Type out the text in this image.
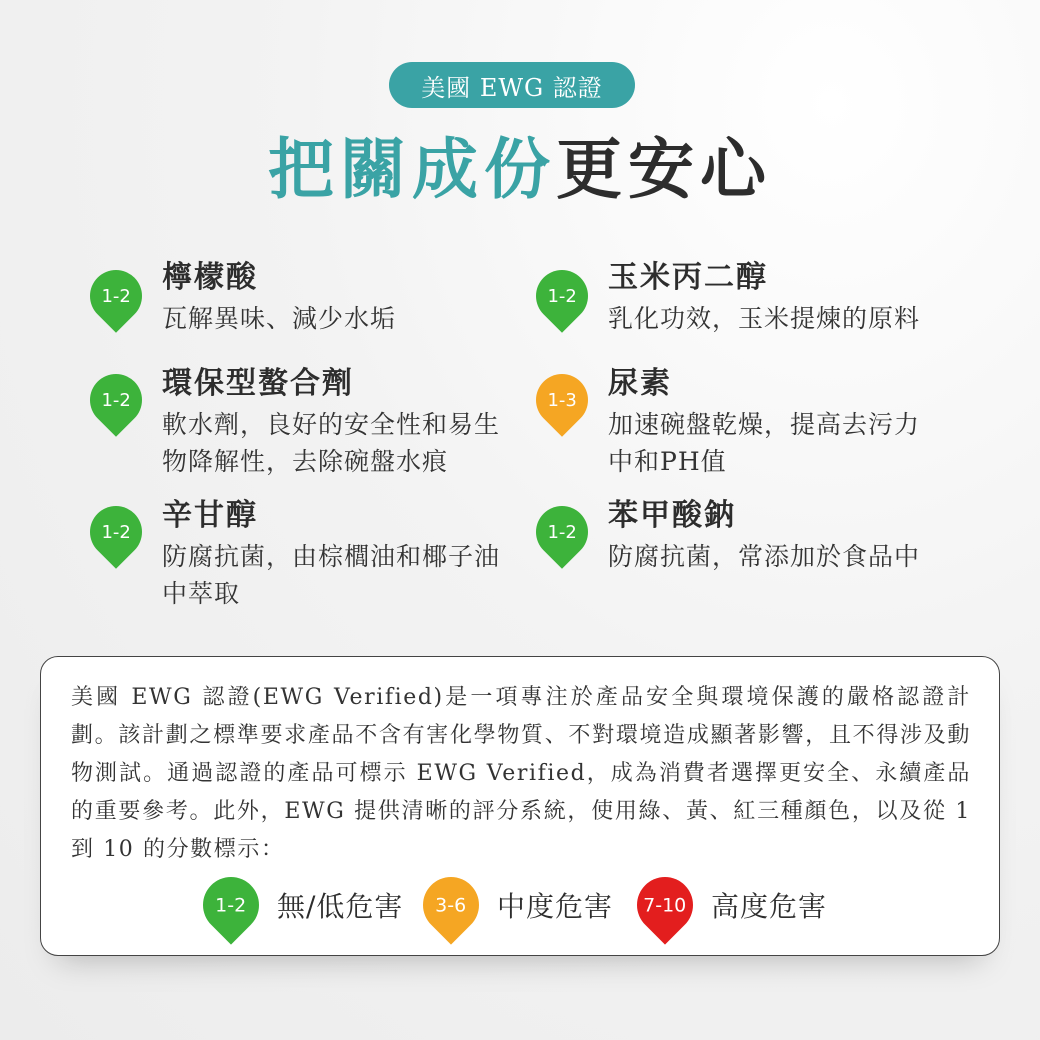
美國 EWG 認證
把關成份更安心
1-2
檸檬酸
瓦解異味、減少水垢
1-2 環保型螯合劑
軟水劑，良好的安全性和易生物降解性，去除碗盤水痕
1-2 辛甘醇
防腐抗菌，由棕櫚油和椰子油中萃取
1-2
玉米丙二醇
乳化功效，玉米提煉的原料
1-3 尿素
加速碗盤乾燥，提高去污力中和PH值
1-2 苯甲酸鈉
防腐抗菌，常添加於食品中
美國 EWG 認證(EWG Verified)是一項專注於產品安全與環境保護的嚴格認證計劃。該計劃之標準要求產品不含有害化學物質、不對環境造成顯著影響，且不得涉及動物測試。通過認證的產品可標示 EWG Verified，成為消費者選擇更安全、永續產品的重要參考。此外，EWG 提供清晰的評分系統，使用綠、黃、紅三種顏色，以及從 1 到 10 的分數標示：
1-2 無/低危害 3-6 中度危害 7-10 高度危害
